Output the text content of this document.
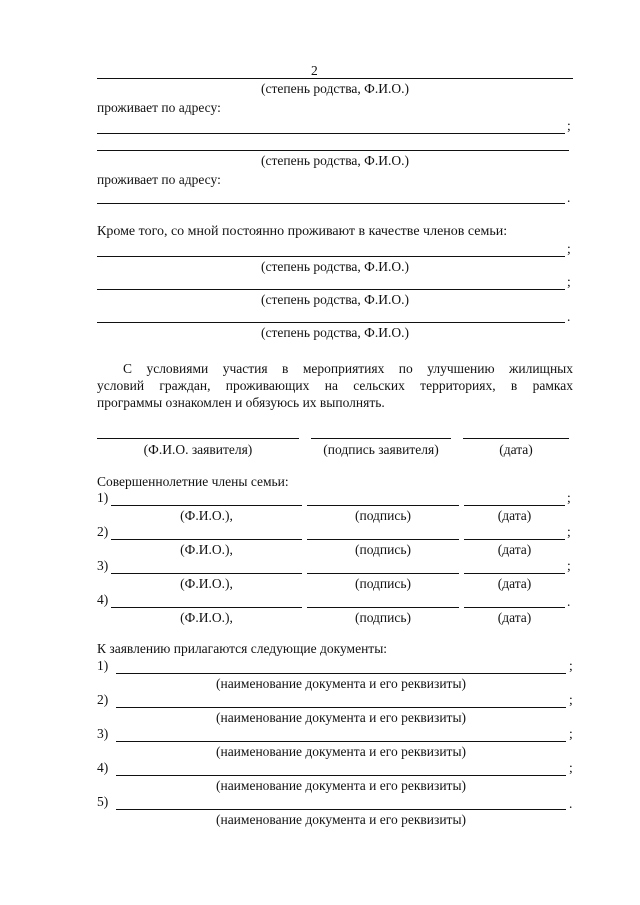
2
(степень родства, Ф.И.О.)
проживает по адресу:
;
(степень родства, Ф.И.О.)
проживает по адресу:
.
Кроме того, со мной постоянно проживают в качестве членов семьи:
;
(степень родства, Ф.И.О.)
;
(степень родства, Ф.И.О.)
.
(степень родства, Ф.И.О.)
С условиями участия в мероприятиях по улучшению жилищных
условий граждан, проживающих на сельских территориях, в рамках
программы ознакомлен и обязуюсь их выполнять.
(Ф.И.О. заявителя)	(подпись заявителя)	(дата)
Совершеннолетние члены семьи:
1)	;
(Ф.И.О.),	(подпись)	(дата)
2)	;
(Ф.И.О.),	(подпись)	(дата)
3)	;
(Ф.И.О.),	(подпись)	(дата)
4)	.
(Ф.И.О.),	(подпись)	(дата)
К заявлению прилагаются следующие документы:
1)	;
(наименование документа и его реквизиты)
2)	;
(наименование документа и его реквизиты)
3)	;
(наименование документа и его реквизиты)
4)	;
(наименование документа и его реквизиты)
5)	.
(наименование документа и его реквизиты)
